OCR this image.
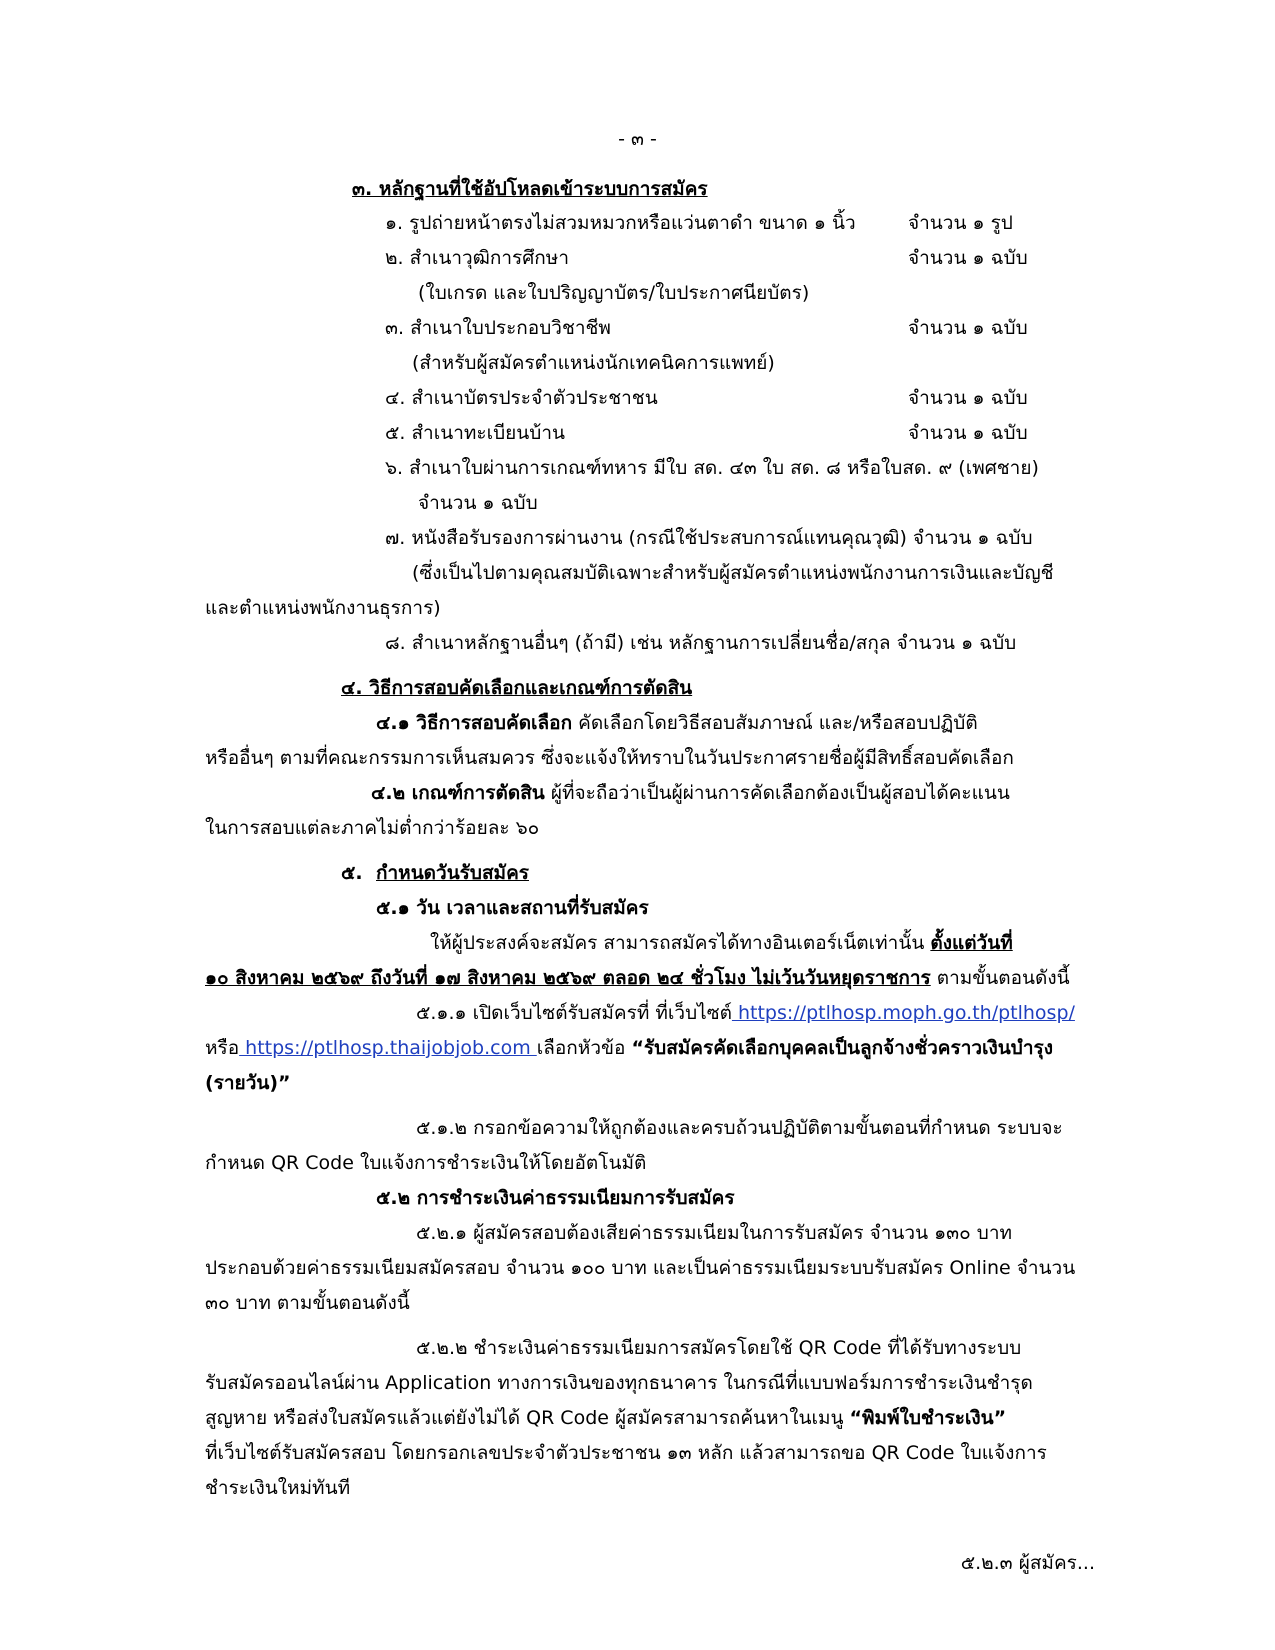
- ๓ -
๓. หลักฐานที่ใช้อัปโหลดเข้าระบบการสมัคร
๑. รูปถ่ายหน้าตรงไม่สวมหมวกหรือแว่นตาดำ ขนาด ๑ นิ้ว	จำนวน ๑ รูป
๒. สำเนาวุฒิการศึกษา	จำนวน ๑ ฉบับ
(ใบเกรด และใบปริญญาบัตร/ใบประกาศนียบัตร)
๓. สำเนาใบประกอบวิชาชีพ	จำนวน ๑ ฉบับ
(สำหรับผู้สมัครตำแหน่งนักเทคนิคการแพทย์)
๔. สำเนาบัตรประจำตัวประชาชน	จำนวน ๑ ฉบับ
๕. สำเนาทะเบียนบ้าน	จำนวน ๑ ฉบับ
๖. สำเนาใบผ่านการเกณฑ์ทหาร มีใบ สด. ๔๓ ใบ สด. ๘ หรือใบสด. ๙ (เพศชาย)
จำนวน ๑ ฉบับ
๗. หนังสือรับรองการผ่านงาน (กรณีใช้ประสบการณ์แทนคุณวุฒิ) จำนวน ๑ ฉบับ
(ซึ่งเป็นไปตามคุณสมบัติเฉพาะสำหรับผู้สมัครตำแหน่งพนักงานการเงินและบัญชี
และตำแหน่งพนักงานธุรการ)
๘. สำเนาหลักฐานอื่นๆ (ถ้ามี) เช่น หลักฐานการเปลี่ยนชื่อ/สกุล จำนวน ๑ ฉบับ
๔. วิธีการสอบคัดเลือกและเกณฑ์การตัดสิน
๔.๑ วิธีการสอบคัดเลือก คัดเลือกโดยวิธีสอบสัมภาษณ์ และ/หรือสอบปฏิบัติ
หรืออื่นๆ ตามที่คณะกรรมการเห็นสมควร ซึ่งจะแจ้งให้ทราบในวันประกาศรายชื่อผู้มีสิทธิ์สอบคัดเลือก
๔.๒ เกณฑ์การตัดสิน ผู้ที่จะถือว่าเป็นผู้ผ่านการคัดเลือกต้องเป็นผู้สอบได้คะแนน
ในการสอบแต่ละภาคไม่ต่ำกว่าร้อยละ ๖๐
๕. กำหนดวันรับสมัคร
๕.๑ วัน เวลาและสถานที่รับสมัคร
ให้ผู้ประสงค์จะสมัคร สามารถสมัครได้ทางอินเตอร์เน็ตเท่านั้น ตั้งแต่วันที่
๑๐ สิงหาคม ๒๕๖๙ ถึงวันที่ ๑๗ สิงหาคม ๒๕๖๙ ตลอด ๒๔ ชั่วโมง ไม่เว้นวันหยุดราชการ ตามขั้นตอนดังนี้
๕.๑.๑ เปิดเว็บไซต์รับสมัครที่ ที่เว็บไซต์ https://ptlhosp.moph.go.th/ptlhosp/
หรือ https://ptlhosp.thaijobjob.com เลือกหัวข้อ “รับสมัครคัดเลือกบุคคลเป็นลูกจ้างชั่วคราวเงินบำรุง
(รายวัน)”
๕.๑.๒ กรอกข้อความให้ถูกต้องและครบถ้วนปฏิบัติตามขั้นตอนที่กำหนด ระบบจะ
กำหนด QR Code ใบแจ้งการชำระเงินให้โดยอัตโนมัติ
๕.๒ การชำระเงินค่าธรรมเนียมการรับสมัคร
๕.๒.๑ ผู้สมัครสอบต้องเสียค่าธรรมเนียมในการรับสมัคร จำนวน ๑๓๐ บาท
ประกอบด้วยค่าธรรมเนียมสมัครสอบ จำนวน ๑๐๐ บาท และเป็นค่าธรรมเนียมระบบรับสมัคร Online จำนวน
๓๐ บาท ตามขั้นตอนดังนี้
๕.๒.๒ ชำระเงินค่าธรรมเนียมการสมัครโดยใช้ QR Code ที่ได้รับทางระบบ
รับสมัครออนไลน์ผ่าน Application ทางการเงินของทุกธนาคาร ในกรณีที่แบบฟอร์มการชำระเงินชำรุด
สูญหาย หรือส่งใบสมัครแล้วแต่ยังไม่ได้ QR Code ผู้สมัครสามารถค้นหาในเมนู “พิมพ์ใบชำระเงิน”
ที่เว็บไซต์รับสมัครสอบ โดยกรอกเลขประจำตัวประชาชน ๑๓ หลัก แล้วสามารถขอ QR Code ใบแจ้งการ
ชำระเงินใหม่ทันที
๕.๒.๓ ผู้สมัคร...
